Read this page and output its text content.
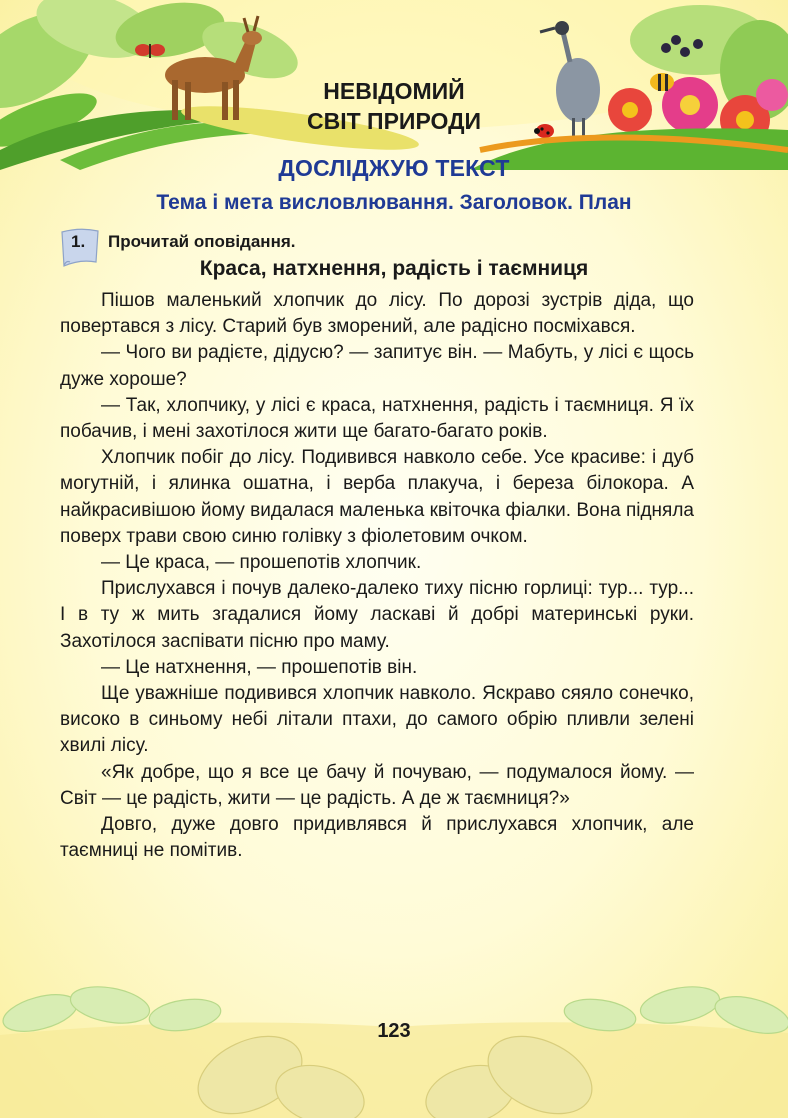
НЕВІДОМИЙ
СВІТ ПРИРОДИ
ДОСЛІДЖУЮ ТЕКСТ
Тема і мета висловлювання. Заголовок. План
1. Прочитай оповідання.
Краса, натхнення, радість і таємниця

Пішов маленький хлопчик до лісу. По дорозі зустрів діда, що повертався з лісу. Старий був зморений, але радісно посміхався.

— Чого ви радієте, дідусю? — запитує він. — Мабуть, у лісі є щось дуже хороше?

— Так, хлопчику, у лісі є краса, натхнення, радість і таємниця. Я їх побачив, і мені захотілося жити ще багато-багато років.

Хлопчик побіг до лісу. Подивився навколо себе. Усе красиве: і дуб могутній, і ялинка ошатна, і верба плакуча, і береза білокора. А найкрасивішою йому видалася маленька квіточка фіалки. Вона підняла поверх трави свою синю голівку з фіолетовим очком.

— Це краса, — прошепотів хлопчик.

Прислухався і почув далеко-далеко тиху пісню горлиці: тур... тур... І в ту ж мить згадалися йому ласкаві й добрі материнські руки. Захотілося заспівати пісню про маму.

— Це натхнення, — прошепотів він.

Ще уважніше подивився хлопчик навколо. Яскраво сяяло сонечко, високо в синьому небі літали птахи, до самого обрію пливли зелені хвилі лісу.

«Як добре, що я все це бачу й почуваю, — подумалося йому. — Світ — це радість, жити — це радість. А де ж таємниця?»

Довго, дуже довго придивлявся й прислухався хлопчик, але таємниці не помітив.

123
